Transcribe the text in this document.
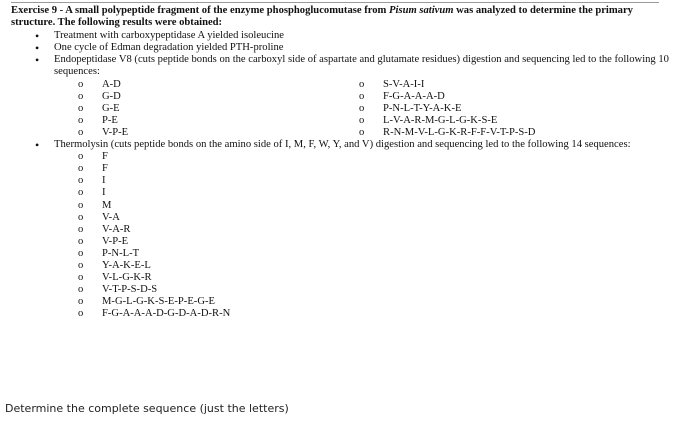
Exercise 9 - A small polypeptide fragment of the enzyme phosphoglucomutase from Pisum sativum was analyzed to determine the primary structure. The following results were obtained:
• Treatment with carboxypeptidase A yielded isoleucine
• One cycle of Edman degradation yielded PTH-proline
• Endopeptidase V8 (cuts peptide bonds on the carboxyl side of aspartate and glutamate residues) digestion and sequencing led to the following 10 sequences:
o A-D
o G-D
o G-E
o P-E
o V-P-E
o S-V-A-I-I
o F-G-A-A-A-D
o P-N-L-T-Y-A-K-E
o L-V-A-R-M-G-L-G-K-S-E
o R-N-M-V-L-G-K-R-F-F-V-T-P-S-D
• Thermolysin (cuts peptide bonds on the amino side of I, M, F, W, Y, and V) digestion and sequencing led to the following 14 sequences:
o F
o F
o I
o I
o M
o V-A
o V-A-R
o V-P-E
o P-N-L-T
o Y-A-K-E-L
o V-L-G-K-R
o V-T-P-S-D-S
o M-G-L-G-K-S-E-P-E-G-E
o F-G-A-A-A-D-G-D-A-D-R-N
Determine the complete sequence (just the letters)
